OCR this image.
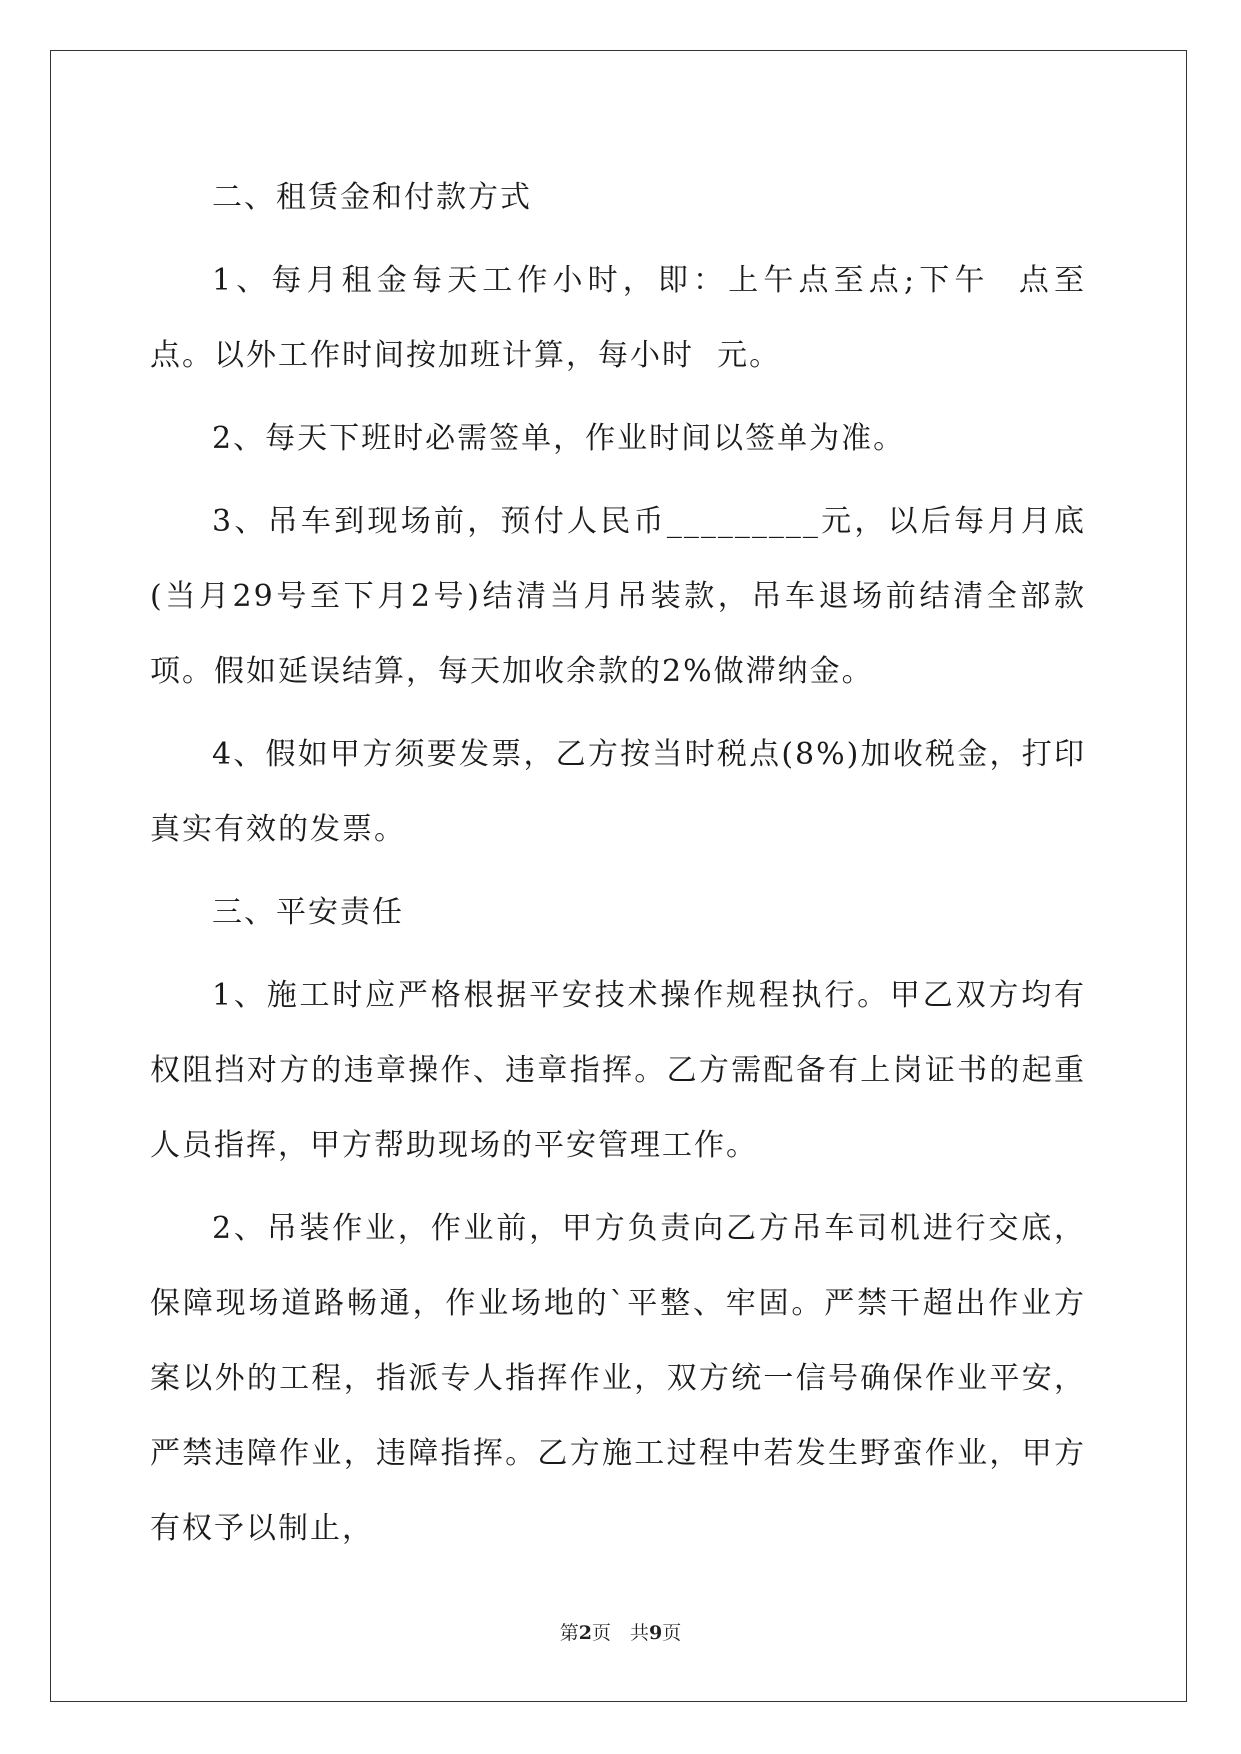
二、租赁金和付款方式

1、每月租金每天工作小时，即：上午点至点;下午  点至  点。以外工作时间按加班计算，每小时  元。

2、每天下班时必需签单，作业时间以签单为准。

3、吊车到现场前，预付人民币_________元，以后每月月底(当月29号至下月2号)结清当月吊装款，吊车退场前结清全部款项。假如延误结算，每天加收余款的2%做滞纳金。

4、假如甲方须要发票，乙方按当时税点(8%)加收税金，打印真实有效的发票。

三、平安责任

1、施工时应严格根据平安技术操作规程执行。甲乙双方均有权阻挡对方的违章操作、违章指挥。乙方需配备有上岗证书的起重人员指挥，甲方帮助现场的平安管理工作。

2、吊装作业，作业前，甲方负责向乙方吊车司机进行交底，保障现场道路畅通，作业场地的`平整、牢固。严禁干超出作业方案以外的工程，指派专人指挥作业，双方统一信号确保作业平安，严禁违障作业，违障指挥。乙方施工过程中若发生野蛮作业，甲方有权予以制止，

第2页　共9页
